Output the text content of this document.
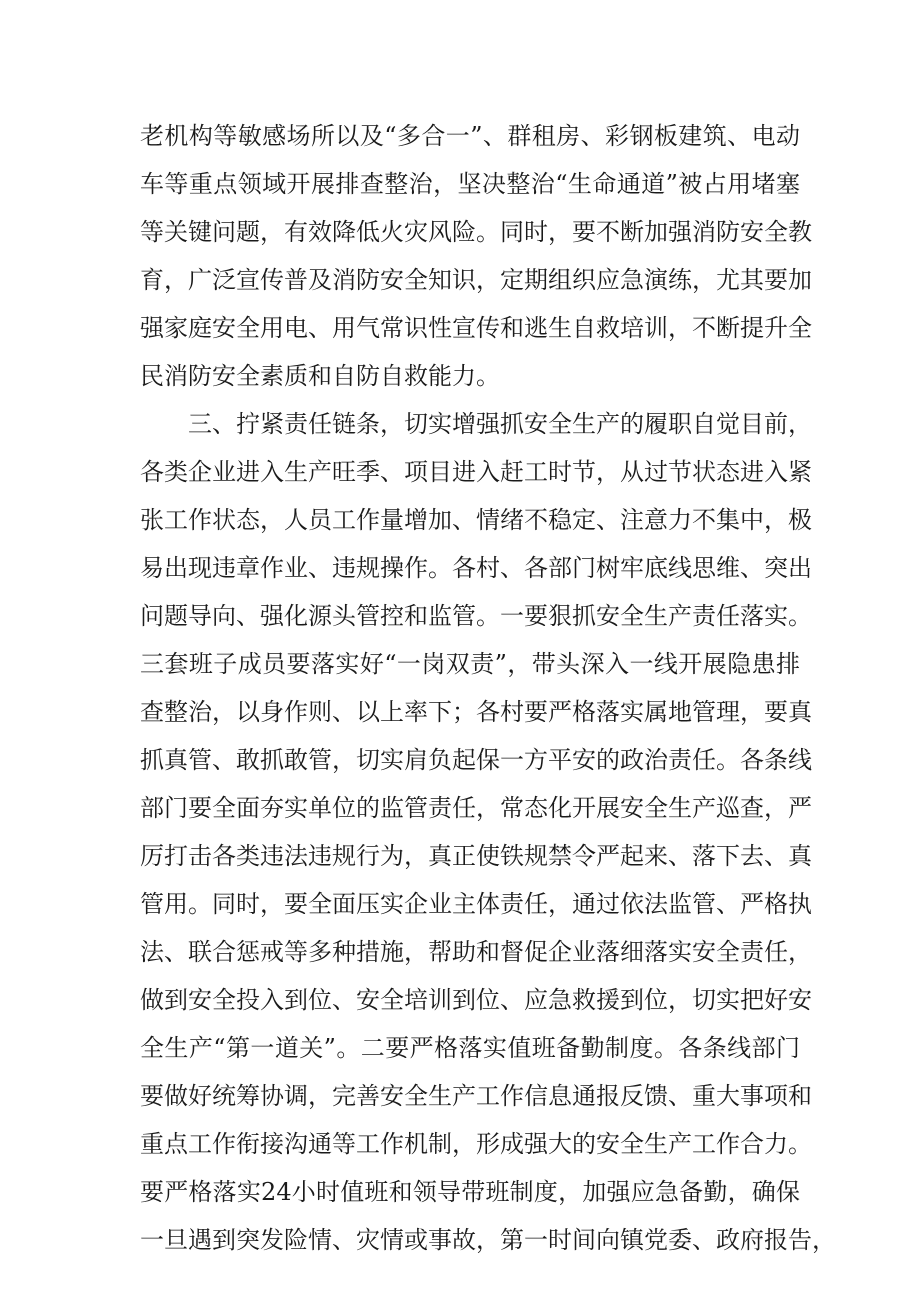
老机构等敏感场所以及“多合一”、群租房、彩钢板建筑、电动
车等重点领域开展排查整治，坚决整治“生命通道”被占用堵塞
等关键问题，有效降低火灾风险。同时，要不断加强消防安全教
育，广泛宣传普及消防安全知识，定期组织应急演练，尤其要加
强家庭安全用电、用气常识性宣传和逃生自救培训，不断提升全
民消防安全素质和自防自救能力。
三、拧紧责任链条，切实增强抓安全生产的履职自觉目前，
各类企业进入生产旺季、项目进入赶工时节，从过节状态进入紧
张工作状态，人员工作量增加、情绪不稳定、注意力不集中，极
易出现违章作业、违规操作。各村、各部门树牢底线思维、突出
问题导向、强化源头管控和监管。一要狠抓安全生产责任落实。
三套班子成员要落实好“一岗双责”，带头深入一线开展隐患排
查整治，以身作则、以上率下；各村要严格落实属地管理，要真
抓真管、敢抓敢管，切实肩负起保一方平安的政治责任。各条线
部门要全面夯实单位的监管责任，常态化开展安全生产巡查，严
厉打击各类违法违规行为，真正使铁规禁令严起来、落下去、真
管用。同时，要全面压实企业主体责任，通过依法监管、严格执
法、联合惩戒等多种措施，帮助和督促企业落细落实安全责任，
做到安全投入到位、安全培训到位、应急救援到位，切实把好安
全生产“第一道关”。二要严格落实值班备勤制度。各条线部门
要做好统筹协调，完善安全生产工作信息通报反馈、重大事项和
重点工作衔接沟通等工作机制，形成强大的安全生产工作合力。
要严格落实24小时值班和领导带班制度，加强应急备勤，确保
一旦遇到突发险情、灾情或事故，第一时间向镇党委、政府报告，
